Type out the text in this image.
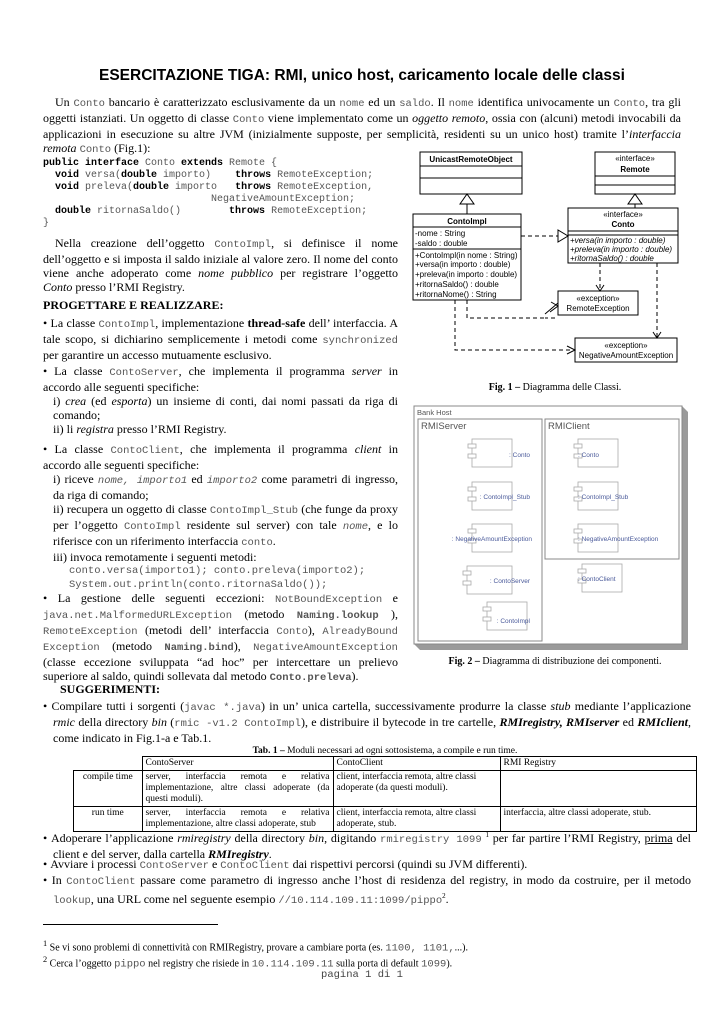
ESERCITAZIONE TIGA: RMI, unico host, caricamento locale delle classi

Un Conto bancario è caratterizzato esclusivamente da un nome ed un saldo. Il nome identifica univocamente un Conto, tra gli oggetti istanziati. Un oggetto di classe Conto viene implementato come un oggetto remoto, ossia con (alcuni) metodi invocabili da applicazioni in esecuzione su altre JVM (inizialmente supposte, per semplicità, residenti su un unico host) tramite l’interfaccia remota Conto (Fig.1):

public interface Conto extends Remote {
void versa(double importo)    throws RemoteException;
void preleva(double importo   throws RemoteException,
NegativeAmountException;
double ritornaSaldo()        throws RemoteException;
}

Nella creazione dell’oggetto ContoImpl, si definisce il nome dell’oggetto e si imposta il saldo iniziale al valore zero. Il nome del conto viene anche adoperato come nome pubblico per registrare l’oggetto Conto presso l’RMI Registry.

PROGETTARE E REALIZZARE:

• La classe ContoImpl, implementazione thread-safe dell’ interfaccia. A tale scopo, si dichiarino semplicemente i metodi come synchronized per garantire un accesso mutuamente esclusivo.

• La classe ContoServer, che implementa il programma server in accordo alle seguenti specifiche:

i) crea (ed esporta) un insieme di conti, dai nomi passati da riga di comando;

ii) li registra presso l’RMI Registry.

• La classe ContoClient, che implementa il programma client in accordo alle seguenti specifiche:

i) riceve nome, importo1 ed importo2 come parametri di ingresso, da riga di comando;

ii) recupera un oggetto di classe ContoImpl_Stub (che funge da proxy per l’oggetto ContoImpl residente sul server) con tale nome, e lo riferisce con un riferimento interfaccia conto.

iii) invoca remotamente i seguenti metodi:

conto.versa(importo1); conto.preleva(importo2);

System.out.println(conto.ritornaSaldo());

• La gestione delle seguenti eccezioni: NotBoundException e java.net.MalformedURLException (metodo Naming.lookup ), RemoteException (metodi dell’ interfaccia Conto), AlreadyBound Exception (metodo Naming.bind), NegativeAmountException (classe eccezione sviluppata “ad hoc” per intercettare un prelievo superiore al saldo, quindi sollevata dal metodo Conto.preleva).

UnicastRemoteObject	«interface»
Remote
«interface»
Conto
+versa(in importo : double)
+preleva(in importo : double)
+ritornaSaldo() : double
ContoImpl
-nome : String
-saldo : double
+ContoImpl(in nome : String)
+versa(in importo : double)
+preleva(in importo : double)
+ritornaSaldo() : double
+ritornaNome() : String	«exception»
RemoteException
«exception»
NegativeAmountException
Fig. 1 – Diagramma delle Classi.
Bank Host
RMIServer	RMIClient
: Conto
: ContoImpl_Stub
: NegativeAmountException
: ContoServer
: ContoImpl
: Conto
: ContoImpl_Stub
: NegativeAmountException
: ContoClient
Fig. 2 – Diagramma di distribuzione dei componenti.

SUGGERIMENTI:

• Compilare tutti i sorgenti (javac *.java) in un’ unica cartella, successivamente produrre la classe stub mediante l’applicazione rmic della directory bin (rmic -v1.2 ContoImpl), e distribuire il bytecode in tre cartelle, RMIregistry, RMIserver ed RMIclient, come indicato in Fig.1-a e Tab.1.

Tab. 1 – Moduli necessari ad ogni sottosistema, a compile e run time.
	ContoServer	ContoClient	RMI Registry
compile time	server, interfaccia remota e relativa implementazione, altre classi adoperate (da questi moduli).	client, interfaccia remota, altre classi adoperate (da questi moduli).	
run time	server, interfaccia remota e relativa implementazione, altre classi adoperate, stub	client, interfaccia remota, altre classi adoperate, stub.	interfaccia, altre classi adoperate, stub.

• Adoperare l’applicazione rmiregistry della directory bin, digitando rmiregistry 1099 $^1$ per far partire l’RMI Registry, prima del client e del server, dalla cartella RMIregistry.

• Avviare i processi ContoServer e ContoClient dai rispettivi percorsi (quindi su JVM differenti).

• In ContoClient passare come parametro di ingresso anche l’host di residenza del registry, in modo da costruire, per il metodo lookup, una URL come nel seguente esempio //10.114.109.11:1099/pippo$^2$.

$^1$ Se vi sono problemi di connettività con RMIRegistry, provare a cambiare porta (es. 1100, 1101,...).

$^2$ Cerca l’oggetto pippo nel registry che risiede in 10.114.109.11 sulla porta di default 1099).

pagina 1 di 1
